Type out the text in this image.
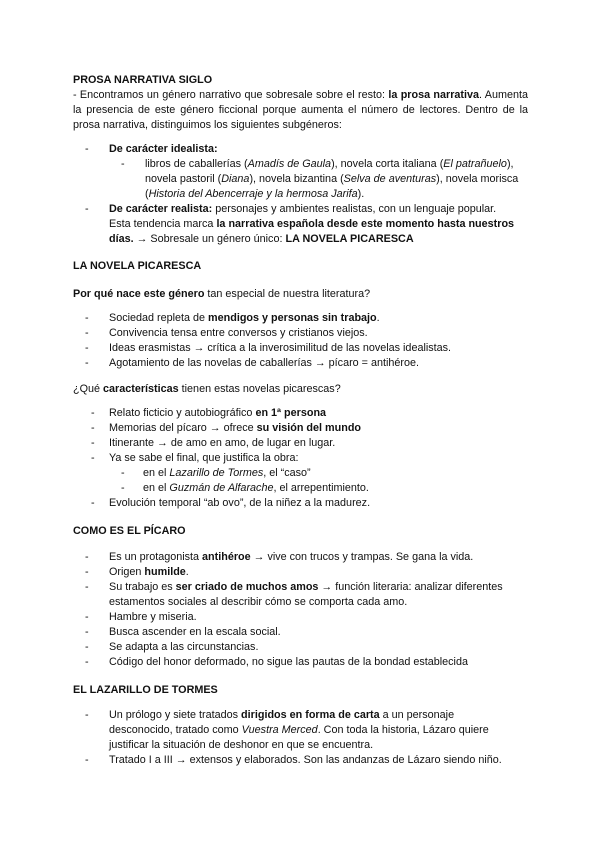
PROSA NARRATIVA SIGLO
- Encontramos un género narrativo que sobresale sobre el resto: la prosa narrativa. Aumenta la presencia de este género ficcional porque aumenta el número de lectores. Dentro de la prosa narrativa, distinguimos los siguientes subgéneros:
- De carácter idealista:
- libros de caballerías (Amadís de Gaula), novela corta italiana (El patrañuelo), novela pastoril (Diana), novela bizantina (Selva de aventuras), novela morisca (Historia del Abencerraje y la hermosa Jarifa).
- De carácter realista: personajes y ambientes realistas, con un lenguaje popular.
Esta tendencia marca la narrativa española desde este momento hasta nuestros
días. → Sobresale un género único: LA NOVELA PICARESCA
LA NOVELA PICARESCA
Por qué nace este género tan especial de nuestra literatura?
- Sociedad repleta de mendigos y personas sin trabajo.
- Convivencia tensa entre conversos y cristianos viejos.
- Ideas erasmistas → crítica a la inverosimilitud de las novelas idealistas.
- Agotamiento de las novelas de caballerías → pícaro = antihéroe.
¿Qué características tienen estas novelas picarescas?
- Relato ficticio y autobiográfico en 1ª persona
- Memorias del pícaro → ofrece su visión del mundo
- Itinerante → de amo en amo, de lugar en lugar.
- Ya se sabe el final, que justifica la obra:
- en el Lazarillo de Tormes, el “caso”
- en el Guzmán de Alfarache, el arrepentimiento.
- Evolución temporal “ab ovo”, de la niñez a la madurez.
COMO ES EL PÍCARO
- Es un protagonista antihéroe → vive con trucos y trampas. Se gana la vida.
- Origen humilde.
- Su trabajo es ser criado de muchos amos → función literaria: analizar diferentes
estamentos sociales al describir cómo se comporta cada amo.
- Hambre y miseria.
- Busca ascender en la escala social.
- Se adapta a las circunstancias.
- Código del honor deformado, no sigue las pautas de la bondad establecida
EL LAZARILLO DE TORMES
- Un prólogo y siete tratados dirigidos en forma de carta a un personaje
desconocido, tratado como Vuestra Merced. Con toda la historia, Lázaro quiere
justificar la situación de deshonor en que se encuentra.
- Tratado I a III → extensos y elaborados. Son las andanzas de Lázaro siendo niño.
